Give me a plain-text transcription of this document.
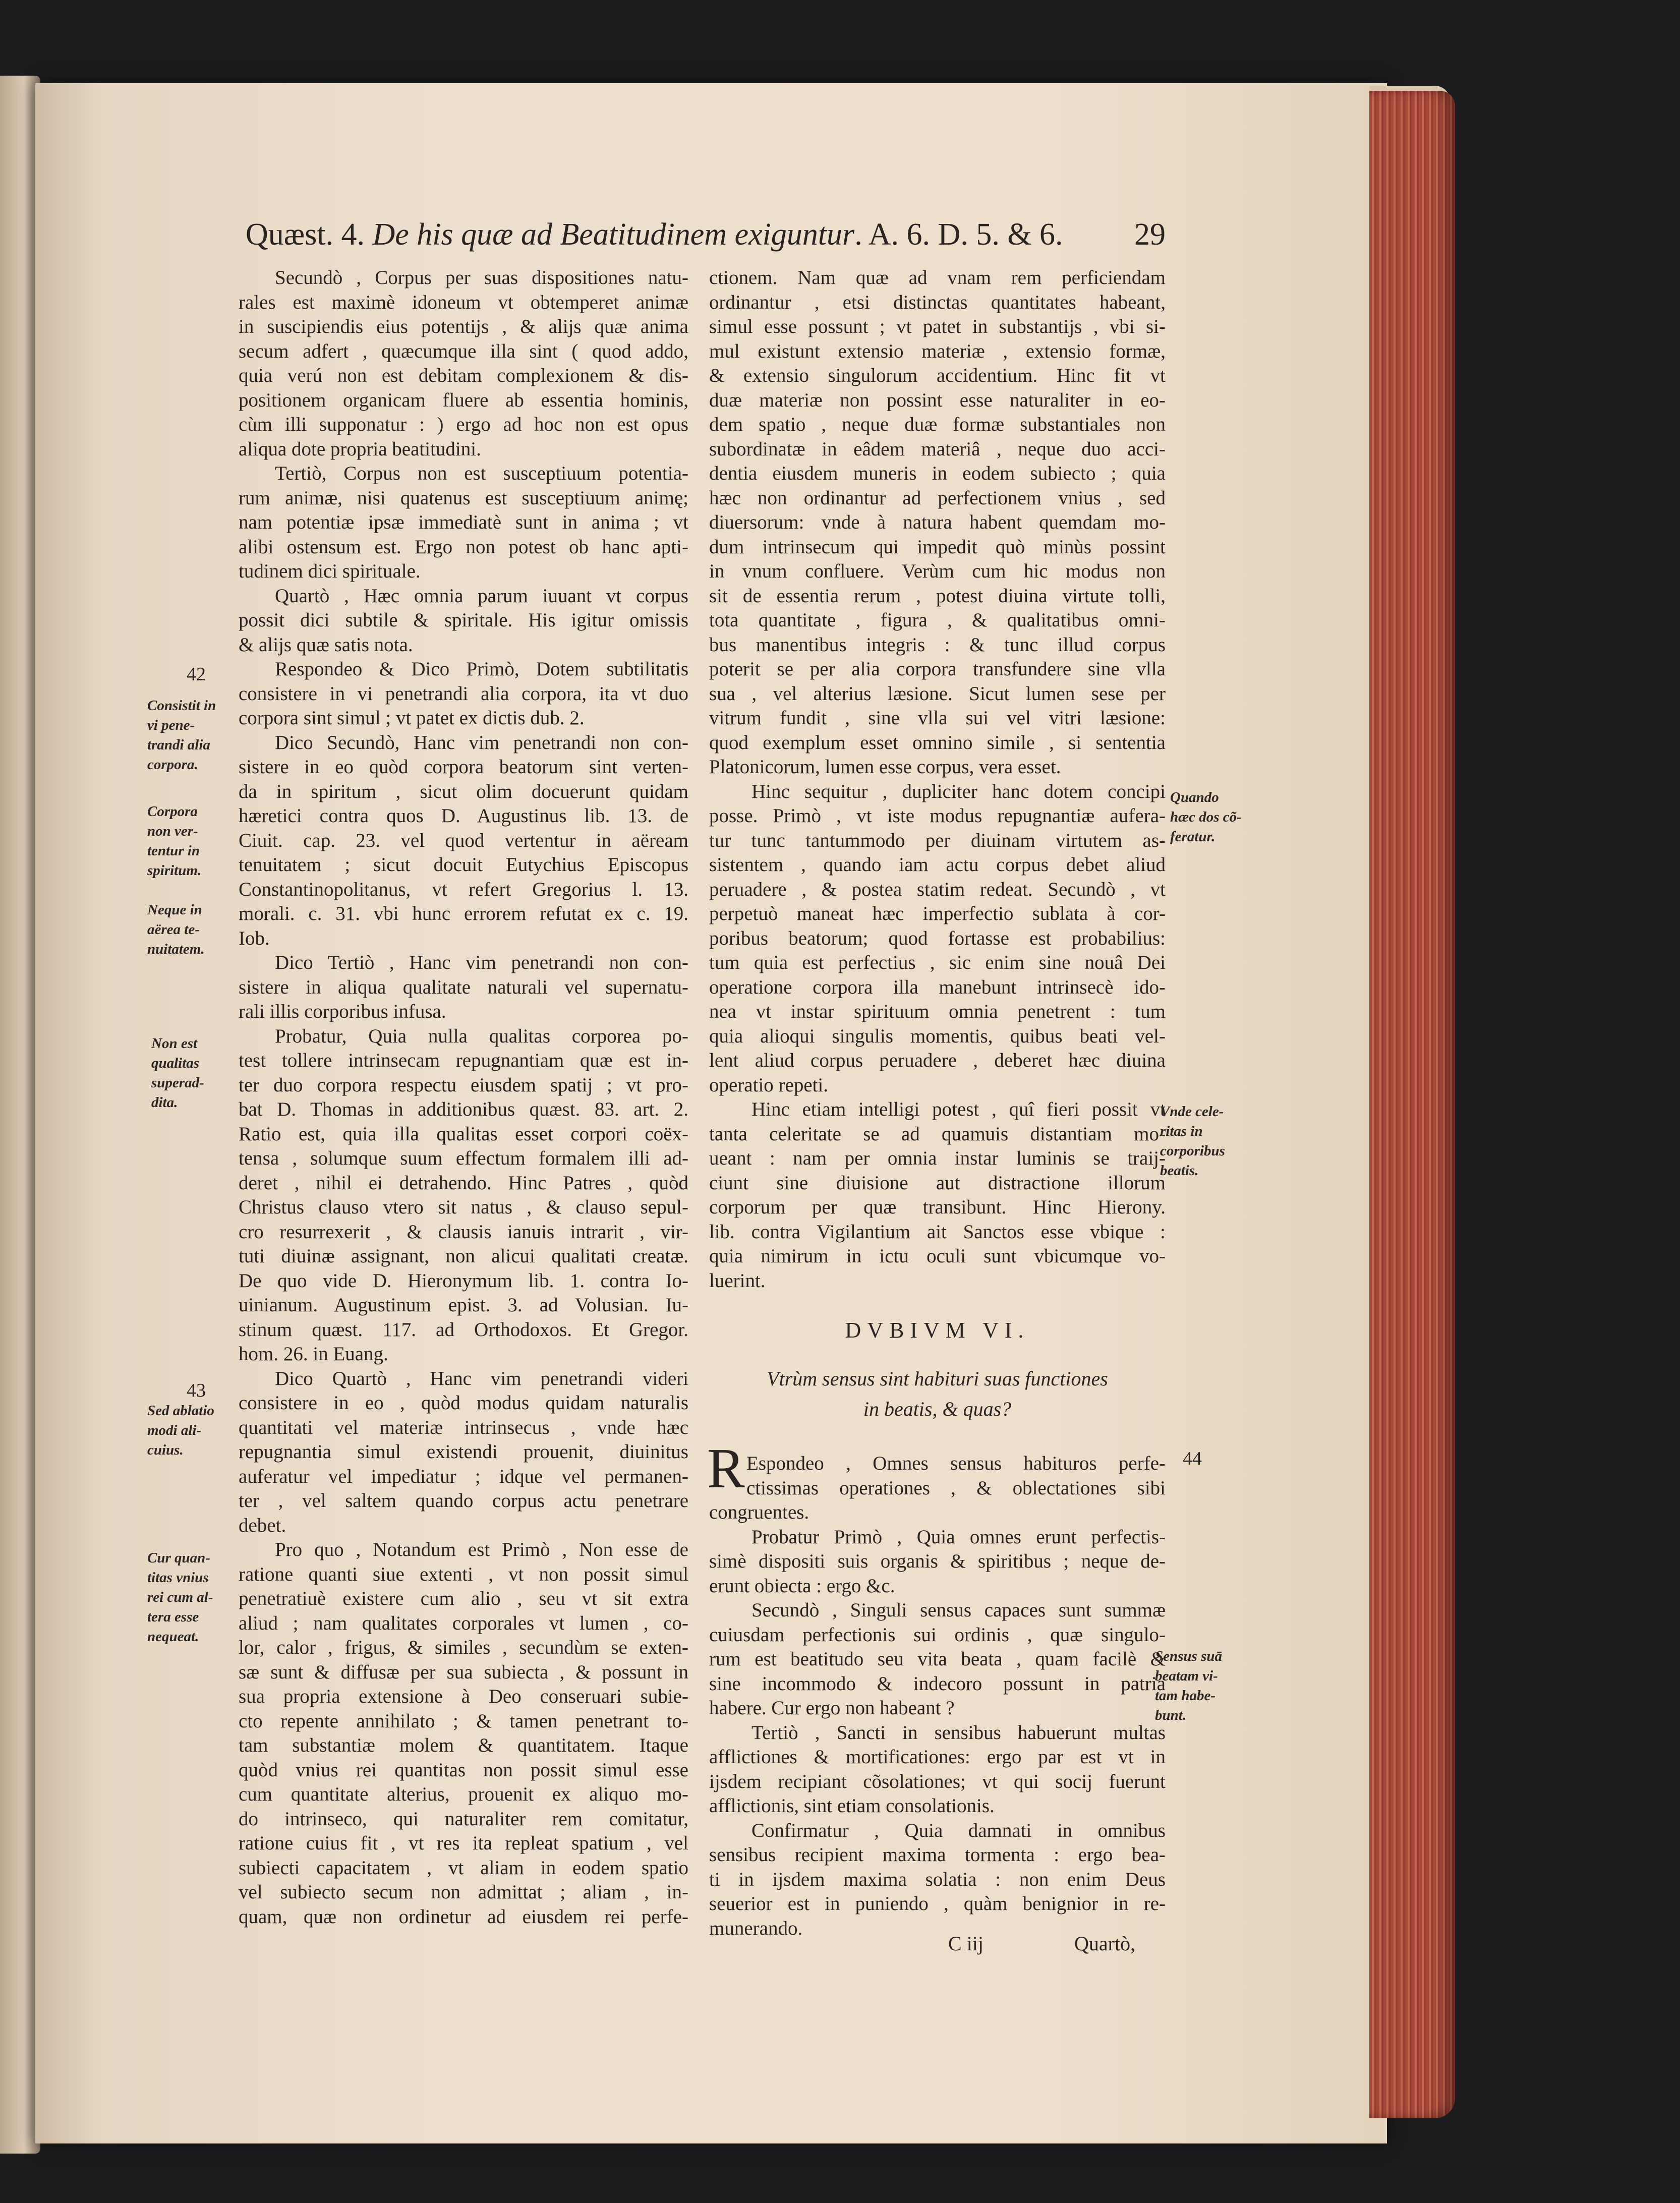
Quæst. 4. De his quæ ad Beatitudinem exiguntur. A. 6. D. 5. & 6. 29
Secundò , Corpus per suas dispositiones natu-
rales est maximè idoneum vt obtemperet animæ
in suscipiendis eius potentijs , & alijs quæ anima
secum adfert , quæcumque illa sint ( quod addo,
quia verú non est debitam complexionem & dis-
positionem organicam fluere ab essentia hominis,
cùm illi supponatur : ) ergo ad hoc non est opus
aliqua dote propria beatitudini.
Tertiò, Corpus non est susceptiuum potentia-
rum animæ, nisi quatenus est susceptiuum animę;
nam potentiæ ipsæ immediatè sunt in anima ; vt
alibi ostensum est. Ergo non potest ob hanc apti-
tudinem dici spirituale.
Quartò , Hæc omnia parum iuuant vt corpus
possit dici subtile & spiritale. His igitur omissis
& alijs quæ satis nota.
Respondeo & Dico Primò, Dotem subtilitatis
consistere in vi penetrandi alia corpora, ita vt duo
corpora sint simul ; vt patet ex dictis dub. 2.
Dico Secundò, Hanc vim penetrandi non con-
sistere in eo quòd corpora beatorum sint verten-
da in spiritum , sicut olim docuerunt quidam
hæretici contra quos D. Augustinus lib. 13. de
Ciuit. cap. 23. vel quod vertentur in aëream
tenuitatem ; sicut docuit Eutychius Episcopus
Constantinopolitanus, vt refert Gregorius l. 13.
morali. c. 31. vbi hunc errorem refutat ex c. 19.
Iob.
Dico Tertiò , Hanc vim penetrandi non con-
sistere in aliqua qualitate naturali vel supernatu-
rali illis corporibus infusa.
Probatur, Quia nulla qualitas corporea po-
test tollere intrinsecam repugnantiam quæ est in-
ter duo corpora respectu eiusdem spatij ; vt pro-
bat D. Thomas in additionibus quæst. 83. art. 2.
Ratio est, quia illa qualitas esset corpori coëx-
tensa , solumque suum effectum formalem illi ad-
deret , nihil ei detrahendo. Hinc Patres , quòd
Christus clauso vtero sit natus , & clauso sepul-
cro resurrexerit , & clausis ianuis intrarit , vir-
tuti diuinæ assignant, non alicui qualitati creatæ.
De quo vide D. Hieronymum lib. 1. contra Io-
uinianum. Augustinum epist. 3. ad Volusian. Iu-
stinum quæst. 117. ad Orthodoxos. Et Gregor.
hom. 26. in Euang.
Dico Quartò , Hanc vim penetrandi videri
consistere in eo , quòd modus quidam naturalis
quantitati vel materiæ intrinsecus , vnde hæc
repugnantia simul existendi prouenit, diuinitus
auferatur vel impediatur ; idque vel permanen-
ter , vel saltem quando corpus actu penetrare
debet.
Pro quo , Notandum est Primò , Non esse de
ratione quanti siue extenti , vt non possit simul
penetratiuè existere cum alio , seu vt sit extra
aliud ; nam qualitates corporales vt lumen , co-
lor, calor , frigus, & similes , secundùm se exten-
sæ sunt & diffusæ per sua subiecta , & possunt in
sua propria extensione à Deo conseruari subie-
cto repente annihilato ; & tamen penetrant to-
tam substantiæ molem & quantitatem. Itaque
quòd vnius rei quantitas non possit simul esse
cum quantitate alterius, prouenit ex aliquo mo-
do intrinseco, qui naturaliter rem comitatur,
ratione cuius fit , vt res ita repleat spatium , vel
subiecti capacitatem , vt aliam in eodem spatio
vel subiecto secum non admittat ; aliam , in-
quam, quæ non ordinetur ad eiusdem rei perfe-
ctionem. Nam quæ ad vnam rem perficiendam
ordinantur , etsi distinctas quantitates habeant,
simul esse possunt ; vt patet in substantijs , vbi si-
mul existunt extensio materiæ , extensio formæ,
& extensio singulorum accidentium. Hinc fit vt
duæ materiæ non possint esse naturaliter in eo-
dem spatio , neque duæ formæ substantiales non
subordinatæ in eâdem materiâ , neque duo acci-
dentia eiusdem muneris in eodem subiecto ; quia
hæc non ordinantur ad perfectionem vnius , sed
diuersorum: vnde à natura habent quemdam mo-
dum intrinsecum qui impedit quò minùs possint
in vnum confluere. Verùm cum hic modus non
sit de essentia rerum , potest diuina virtute tolli,
tota quantitate , figura , & qualitatibus omni-
bus manentibus integris : & tunc illud corpus
poterit se per alia corpora transfundere sine vlla
sua , vel alterius læsione. Sicut lumen sese per
vitrum fundit , sine vlla sui vel vitri læsione:
quod exemplum esset omnino simile , si sententia
Platonicorum, lumen esse corpus, vera esset.
Hinc sequitur , dupliciter hanc dotem concipi
posse. Primò , vt iste modus repugnantiæ aufera-
tur tunc tantummodo per diuinam virtutem as-
sistentem , quando iam actu corpus debet aliud
peruadere , & postea statim redeat. Secundò , vt
perpetuò maneat hæc imperfectio sublata à cor-
poribus beatorum; quod fortasse est probabilius:
tum quia est perfectius , sic enim sine nouâ Dei
operatione corpora illa manebunt intrinsecè ido-
nea vt instar spirituum omnia penetrent : tum
quia alioqui singulis momentis, quibus beati vel-
lent aliud corpus peruadere , deberet hæc diuina
operatio repeti.
Hinc etiam intelligi potest , quî fieri possit vt
tanta celeritate se ad quamuis distantiam mo-
ueant : nam per omnia instar luminis se traij-
ciunt sine diuisione aut distractione illorum
corporum per quæ transibunt. Hinc Hierony.
lib. contra Vigilantium ait Sanctos esse vbique :
quia nimirum in ictu oculi sunt vbicumque vo-
luerint.
DVBIVM VI.
Vtrùm sensus sint habituri suas functiones
in beatis, & quas?
R Espondeo , Omnes sensus habituros perfe-
ctissimas operationes , & oblectationes sibi
congruentes.
Probatur Primò , Quia omnes erunt perfectis-
simè dispositi suis organis & spiritibus ; neque de-
erunt obiecta : ergo &c.
Secundò , Singuli sensus capaces sunt summæ
cuiusdam perfectionis sui ordinis , quæ singulo-
rum est beatitudo seu vita beata , quam facilè &
sine incommodo & indecoro possunt in patria
habere. Cur ergo non habeant ?
Tertiò , Sancti in sensibus habuerunt multas
afflictiones & mortificationes: ergo par est vt in
ijsdem recipiant cõsolationes; vt qui socij fuerunt
afflictionis, sint etiam consolationis.
Confirmatur , Quia damnati in omnibus
sensibus recipient maxima tormenta : ergo bea-
ti in ijsdem maxima solatia : non enim Deus
seuerior est in puniendo , quàm benignior in re-
munerando.
42
Consistit in
vi pene-
trandi alia
corpora.
Corpora
non ver-
tentur in
spiritum.
Neque in
aërea te-
nuitatem.
Non est
qualitas
superad-
dita.
43
Sed ablatio
modi ali-
cuius.
Cur quan-
titas vnius
rei cum al-
tera esse
nequeat.
Quando
hæc dos cõ-
feratur.
Vnde cele-
ritas in
corporibus
beatis.
44
Sensus suā
beatam vi-
tam habe-
bunt.
C iij	Quartò,
